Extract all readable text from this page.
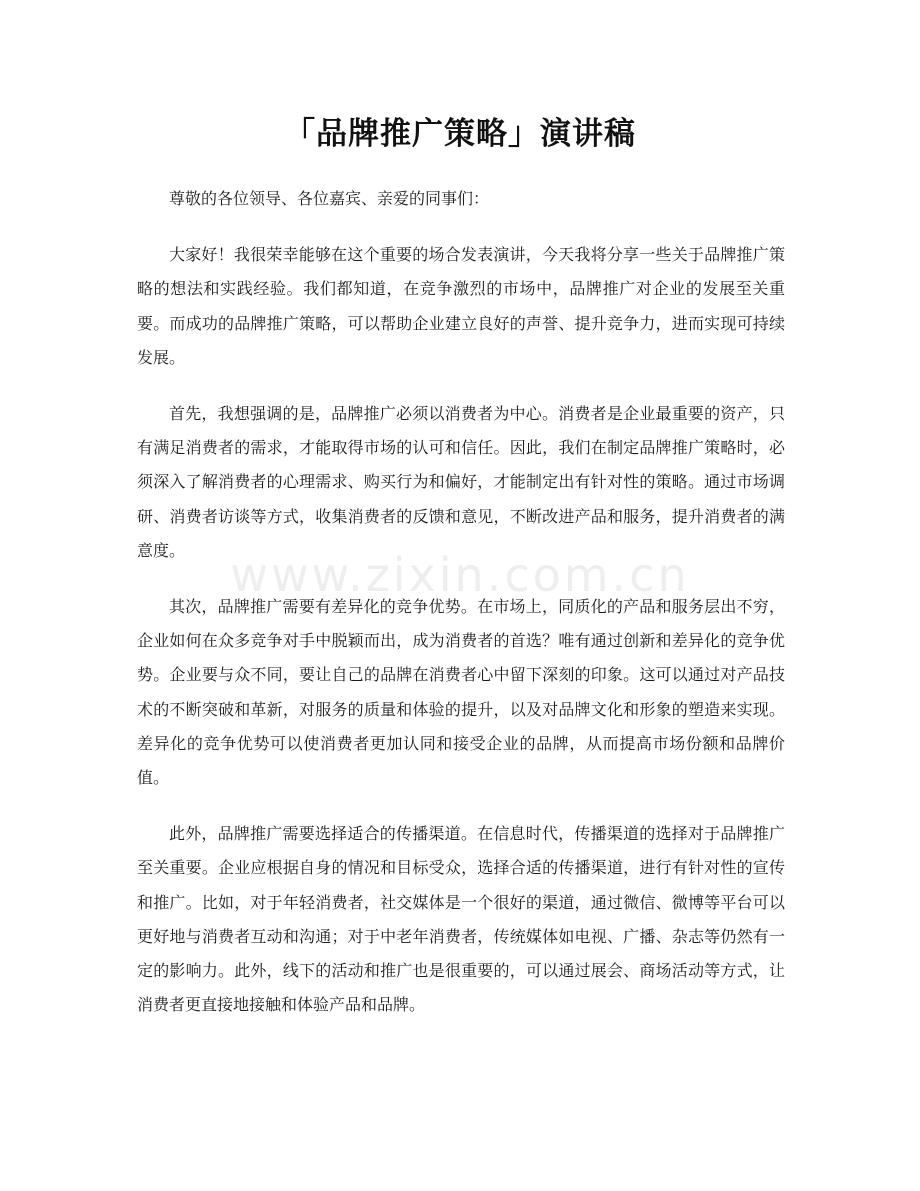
「品牌推广策略」演讲稿
www.zixin.com.cn

尊敬的各位领导、各位嘉宾、亲爱的同事们：

大家好！我很荣幸能够在这个重要的场合发表演讲，今天我将分享一些关于品牌推广策略的想法和实践经验。我们都知道，在竞争激烈的市场中，品牌推广对企业的发展至关重要。而成功的品牌推广策略，可以帮助企业建立良好的声誉、提升竞争力，进而实现可持续发展。

首先，我想强调的是，品牌推广必须以消费者为中心。消费者是企业最重要的资产，只有满足消费者的需求，才能取得市场的认可和信任。因此，我们在制定品牌推广策略时，必须深入了解消费者的心理需求、购买行为和偏好，才能制定出有针对性的策略。通过市场调研、消费者访谈等方式，收集消费者的反馈和意见，不断改进产品和服务，提升消费者的满意度。

其次，品牌推广需要有差异化的竞争优势。在市场上，同质化的产品和服务层出不穷，企业如何在众多竞争对手中脱颖而出，成为消费者的首选？唯有通过创新和差异化的竞争优势。企业要与众不同，要让自己的品牌在消费者心中留下深刻的印象。这可以通过对产品技术的不断突破和革新，对服务的质量和体验的提升，以及对品牌文化和形象的塑造来实现。差异化的竞争优势可以使消费者更加认同和接受企业的品牌，从而提高市场份额和品牌价值。

此外，品牌推广需要选择适合的传播渠道。在信息时代，传播渠道的选择对于品牌推广至关重要。企业应根据自身的情况和目标受众，选择合适的传播渠道，进行有针对性的宣传和推广。比如，对于年轻消费者，社交媒体是一个很好的渠道，通过微信、微博等平台可以更好地与消费者互动和沟通；对于中老年消费者，传统媒体如电视、广播、杂志等仍然有一定的影响力。此外，线下的活动和推广也是很重要的，可以通过展会、商场活动等方式，让消费者更直接地接触和体验产品和品牌。
